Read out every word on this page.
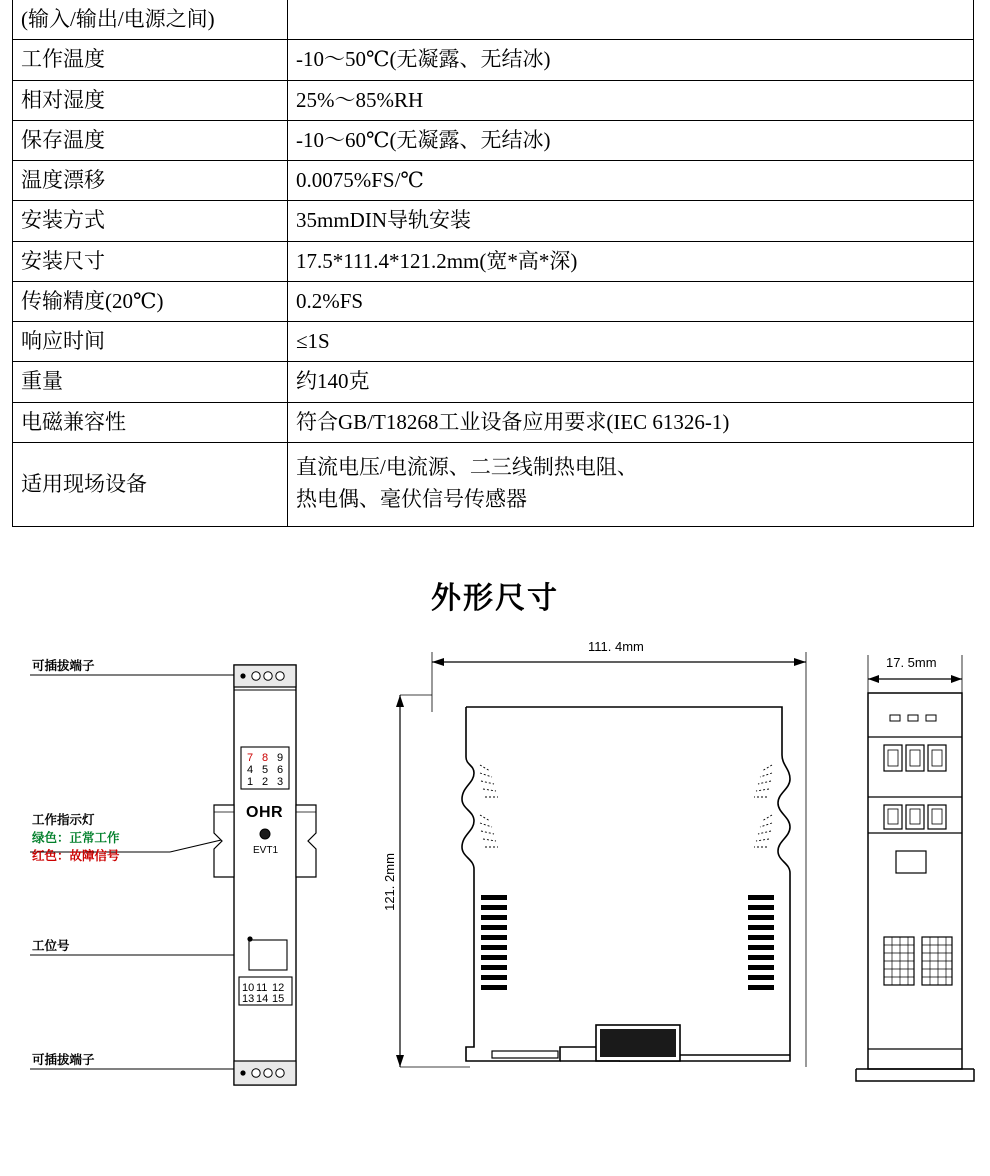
(输入/输出/电源之间)	
工作温度	-10～50℃(无凝露、无结冰)
相对湿度	25%～85%RH
保存温度	-10～60℃(无凝露、无结冰)
温度漂移	0.0075%FS/℃
安装方式	35mmDIN导轨安装
安装尺寸	17.5*111.4*121.2mm(宽*高*深)
传输精度(20℃)	0.2%FS
响应时间	≤1S
重量	约140克
电磁兼容性	符合GB/T18268工业设备应用要求(IEC 61326-1)
适用现场设备	直流电压/电流源、二三线制热电阻、
热电偶、毫伏信号传感器
外形尺寸
7 8 9
4 5 6
1 2 3
OHR
EVT1
10 11 12
13 14 15
可插拔端子
工作指示灯
绿色：正常工作
红色：故障信号
工位号
可插拔端子
111. 4mm
121. 2mm
17. 5mm
